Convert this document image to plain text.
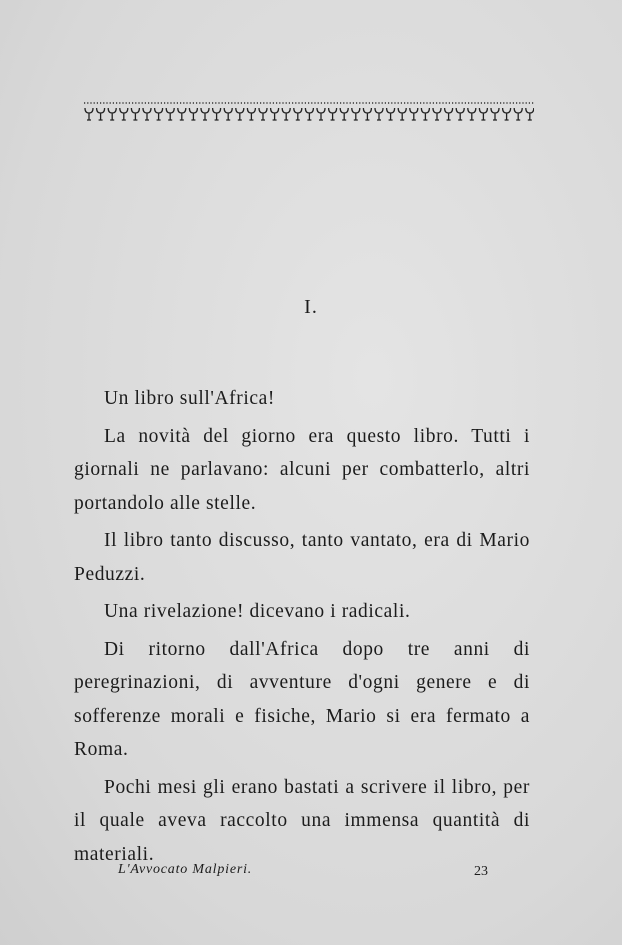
I.

Un libro sull'Africa!

La novità del giorno era questo libro. Tutti i giornali ne parlavano: alcuni per combatterlo, altri portandolo alle stelle.

Il libro tanto discusso, tanto vantato, era di Mario Peduzzi.

Una rivelazione! dicevano i radicali.

Di ritorno dall'Africa dopo tre anni di peregrinazioni, di avventure d'ogni genere e di sofferenze morali e fisiche, Mario si era fermato a Roma.

Pochi mesi gli erano bastati a scrivere il libro, per il quale aveva raccolto una immensa quantità di materiali.

L'Avvocato Malpieri.	23
